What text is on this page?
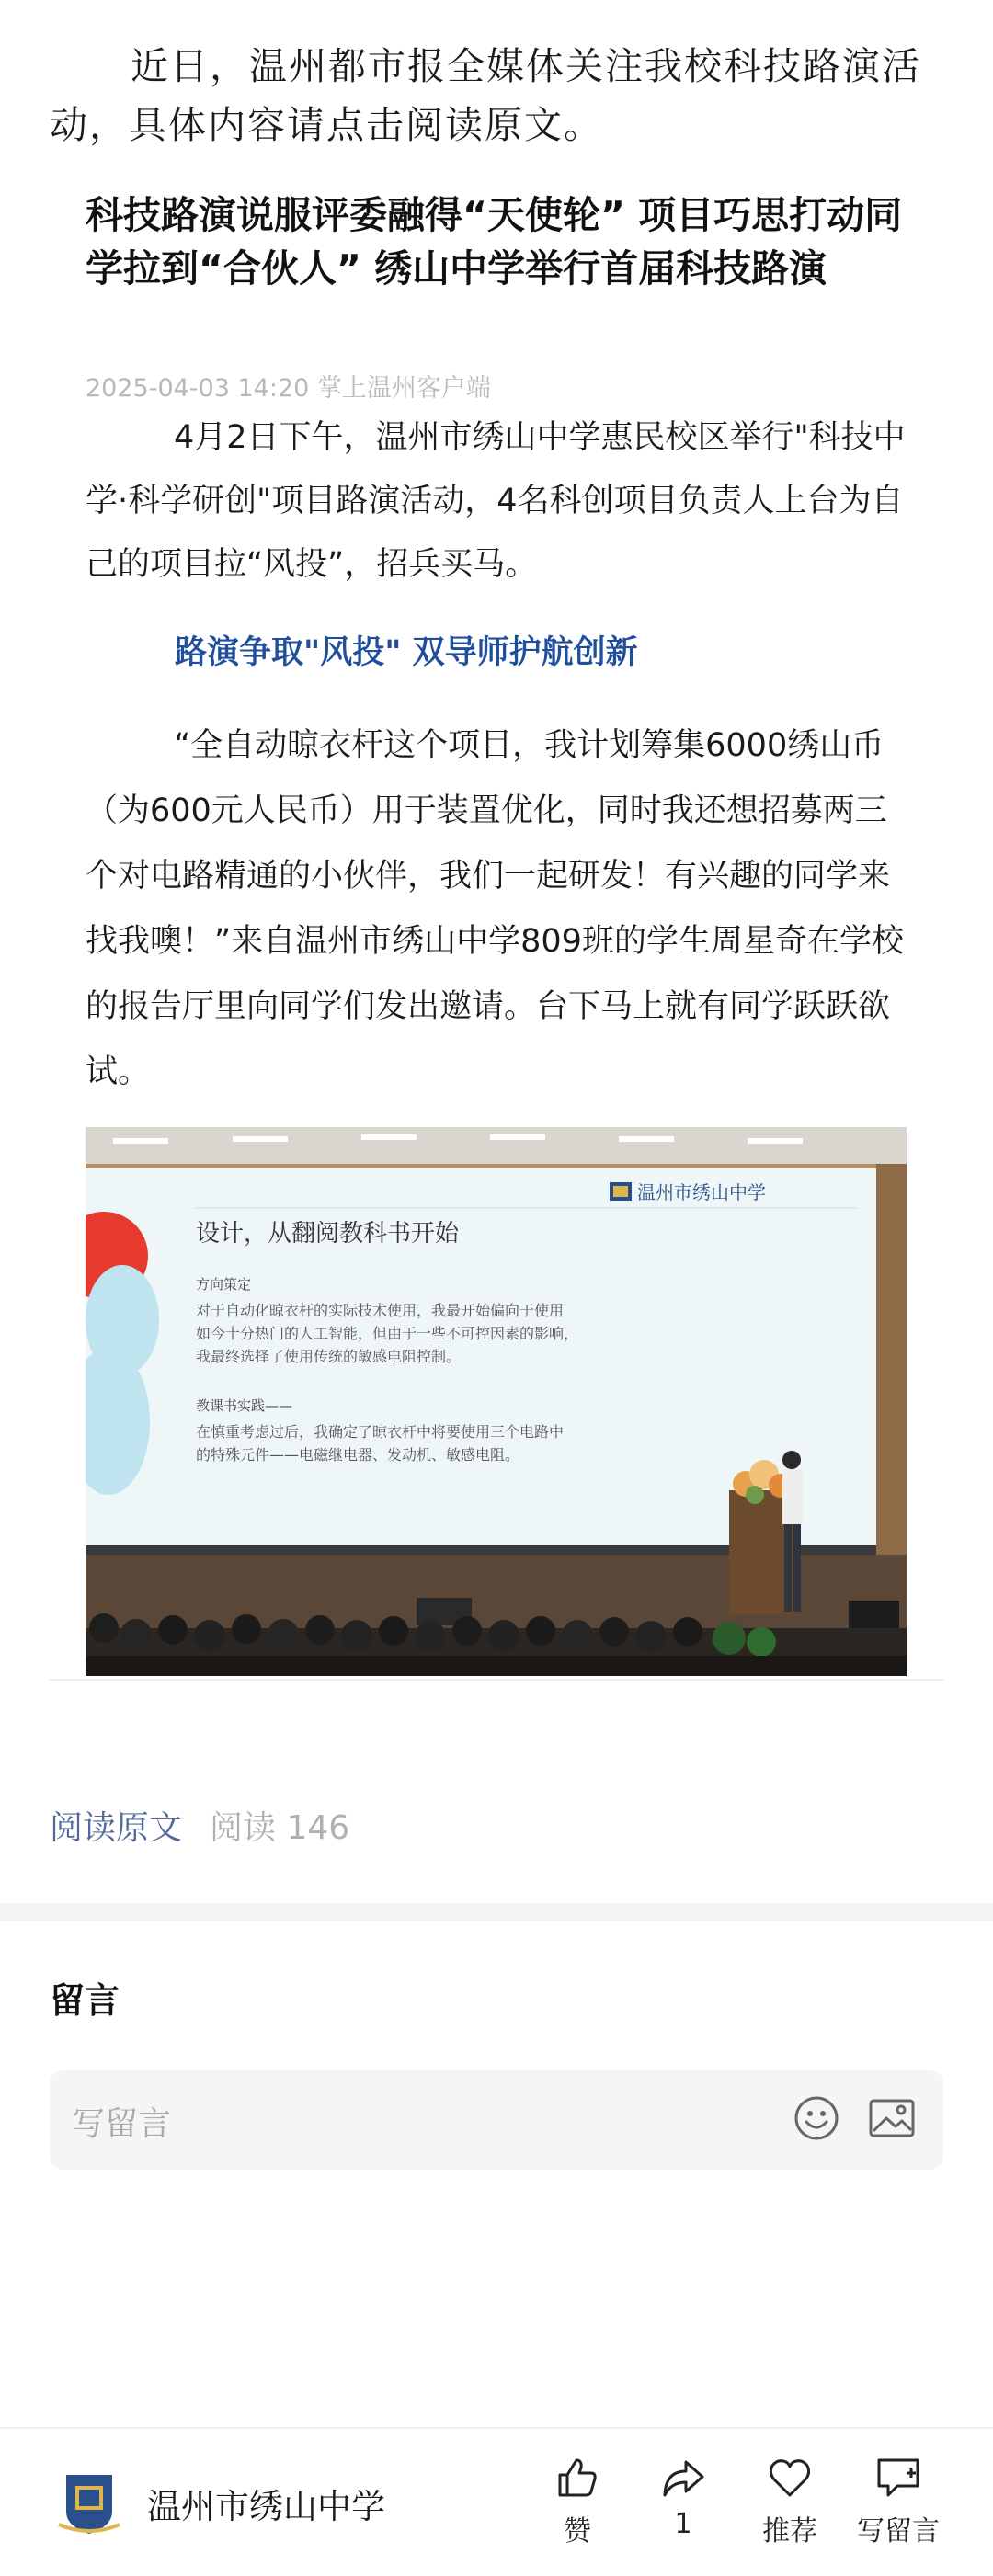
近日，温州都市报全媒体关注我校科技路演活动，具体内容请点击阅读原文。

科技路演说服评委融得“天使轮” 项目巧思打动同学拉到“合伙人” 绣山中学举行首届科技路演
2025-04-03 14:20 掌上温州客户端

4月2日下午，温州市绣山中学惠民校区举行"科技中学·科学研创"项目路演活动，4名科创项目负责人上台为自己的项目拉“风投”，招兵买马。

路演争取"风投" 双导师护航创新

“全自动晾衣杆这个项目，我计划筹集6000绣山币（为600元人民币）用于装置优化，同时我还想招募两三个对电路精通的小伙伴，我们一起研发！有兴趣的同学来找我噢！”来自温州市绣山中学809班的学生周星奇在学校的报告厅里向同学们发出邀请。台下马上就有同学跃跃欲试。

温州市绣山中学
设计，从翻阅教科书开始
方向策定
对于自动化晾衣杆的实际技术使用，我最开始偏向于使用
如今十分热门的人工智能，但由于一些不可控因素的影响，
我最终选择了使用传统的敏感电阻控制。
教课书实践——
在慎重考虑过后，我确定了晾衣杆中将要使用三个电路中
的特殊元件——电磁继电器、发动机、敏感电阻。
阅读原文 阅读 146
留言
写留言
温州市绣山中学
赞	1	推荐	写留言
